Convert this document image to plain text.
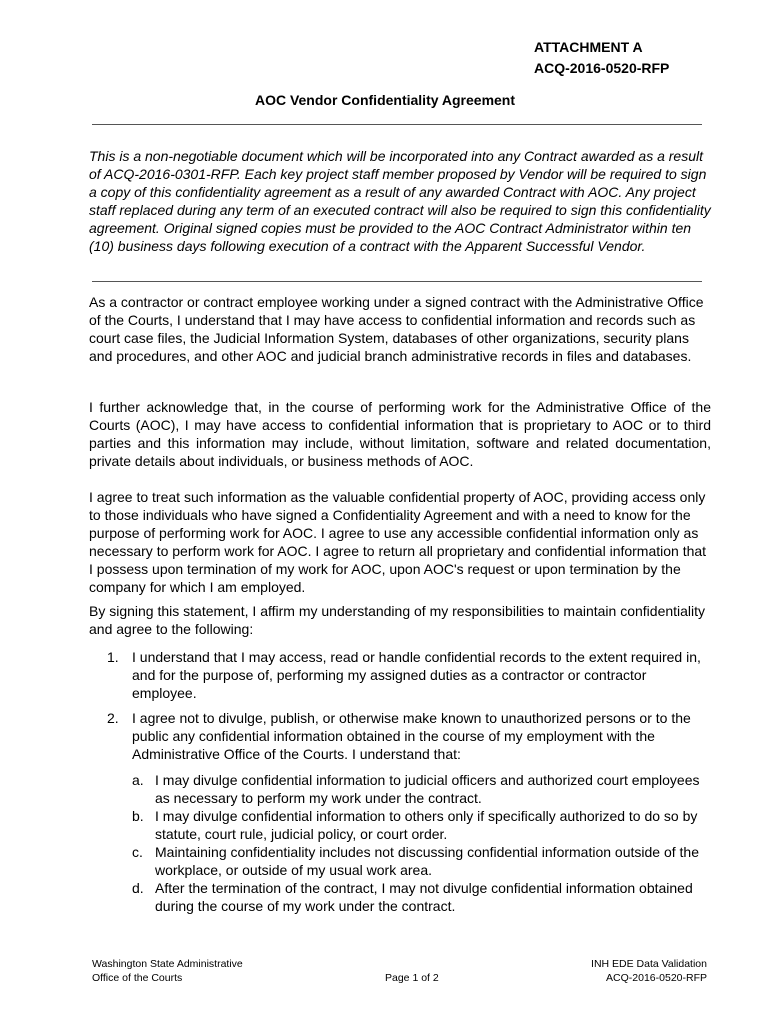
ATTACHMENT A
ACQ-2016-0520-RFP
AOC Vendor Confidentiality Agreement
This is a non-negotiable document which will be incorporated into any Contract awarded as a result of ACQ-2016-0301-RFP. Each key project staff member proposed by Vendor will be required to sign a copy of this confidentiality agreement as a result of any awarded Contract with AOC. Any project staff replaced during any term of an executed contract will also be required to sign this confidentiality agreement. Original signed copies must be provided to the AOC Contract Administrator within ten (10) business days following execution of a contract with the Apparent Successful Vendor.
As a contractor or contract employee working under a signed contract with the Administrative Office of the Courts, I understand that I may have access to confidential information and records such as court case files, the Judicial Information System, databases of other organizations, security plans and procedures, and other AOC and judicial branch administrative records in files and databases.
I further acknowledge that, in the course of performing work for the Administrative Office of the Courts (AOC), I may have access to confidential information that is proprietary to AOC or to third parties and this information may include, without limitation, software and related documentation, private details about individuals, or business methods of AOC.
I agree to treat such information as the valuable confidential property of AOC, providing access only to those individuals who have signed a Confidentiality Agreement and with a need to know for the purpose of performing work for AOC. I agree to use any accessible confidential information only as necessary to perform work for AOC. I agree to return all proprietary and confidential information that I possess upon termination of my work for AOC, upon AOC's request or upon termination by the company for which I am employed.
By signing this statement, I affirm my understanding of my responsibilities to maintain confidentiality and agree to the following:
1. I understand that I may access, read or handle confidential records to the extent required in, and for the purpose of, performing my assigned duties as a contractor or contractor employee.
2. I agree not to divulge, publish, or otherwise make known to unauthorized persons or to the public any confidential information obtained in the course of my employment with the Administrative Office of the Courts. I understand that:
a. I may divulge confidential information to judicial officers and authorized court employees as necessary to perform my work under the contract.
b. I may divulge confidential information to others only if specifically authorized to do so by statute, court rule, judicial policy, or court order.
c. Maintaining confidentiality includes not discussing confidential information outside of the workplace, or outside of my usual work area.
d. After the termination of the contract, I may not divulge confidential information obtained during the course of my work under the contract.
Washington State Administrative
Office of the Courts	Page 1 of 2
INH EDE Data Validation
ACQ-2016-0520-RFP
